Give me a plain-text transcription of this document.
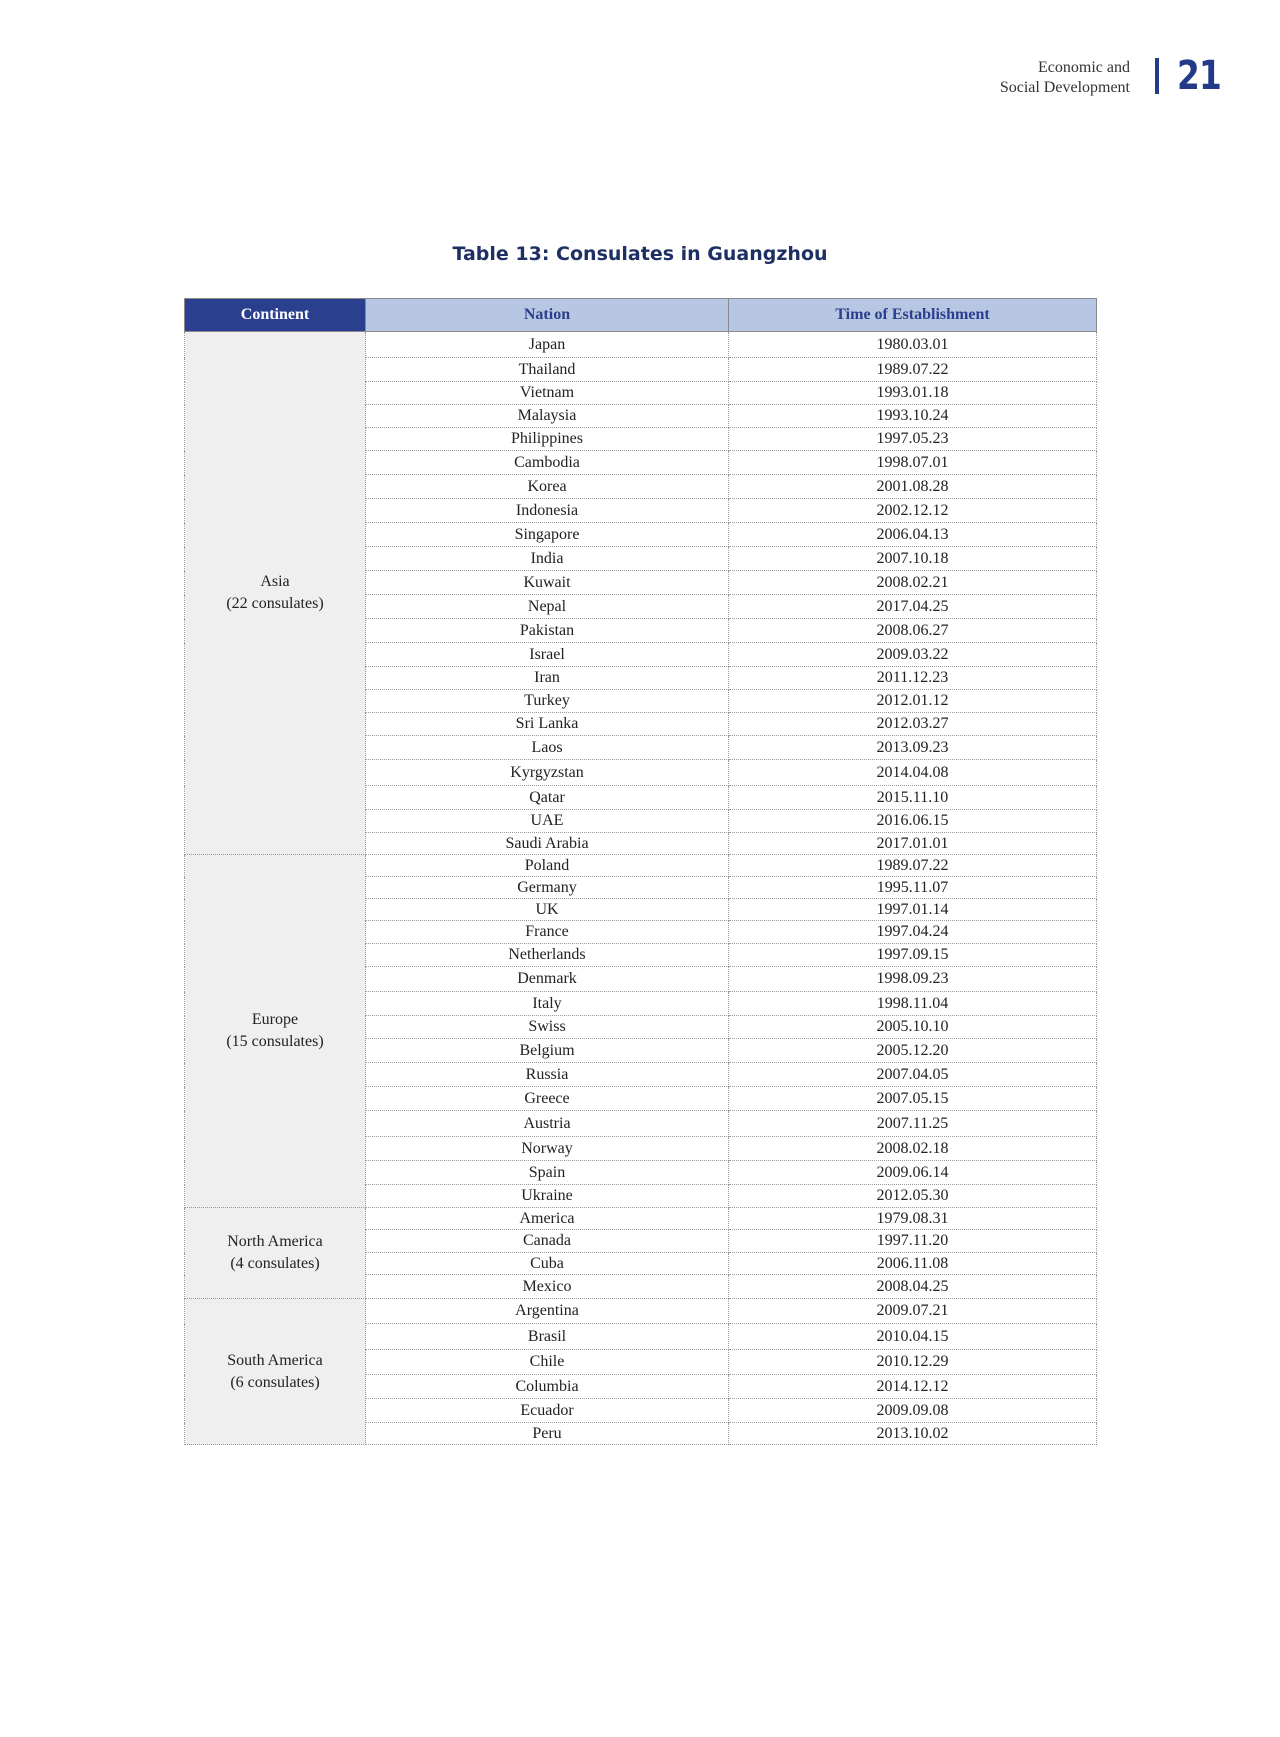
Economic and
Social Development 21
Table 13: Consulates in Guangzhou
Continent	Nation	Time of Establishment

Asia
(22 consulates)	Japan	1980.03.01
	Thailand	1989.07.22
	Vietnam	1993.01.18
	Malaysia	1993.10.24
	Philippines	1997.05.23
	Cambodia	1998.07.01
	Korea	2001.08.28
	Indonesia	2002.12.12
	Singapore	2006.04.13
	India	2007.10.18
	Kuwait	2008.02.21
	Nepal	2017.04.25
	Pakistan	2008.06.27
	Israel	2009.03.22
	Iran	2011.12.23
	Turkey	2012.01.12
	Sri Lanka	2012.03.27
	Laos	2013.09.23
	Kyrgyzstan	2014.04.08
	Qatar	2015.11.10
	UAE	2016.06.15
	Saudi Arabia	2017.01.01

Europe
(15 consulates)	Poland	1989.07.22
	Germany	1995.11.07
	UK	1997.01.14
	France	1997.04.24
	Netherlands	1997.09.15
	Denmark	1998.09.23
	Italy	1998.11.04
	Swiss	2005.10.10
	Belgium	2005.12.20
	Russia	2007.04.05
	Greece	2007.05.15
	Austria	2007.11.25
	Norway	2008.02.18
	Spain	2009.06.14
	Ukraine	2012.05.30

North America
(4 consulates)	America	1979.08.31
	Canada	1997.11.20
	Cuba	2006.11.08
	Mexico	2008.04.25

South America
(6 consulates)	Argentina	2009.07.21
	Brasil	2010.04.15
	Chile	2010.12.29
	Columbia	2014.12.12
	Ecuador	2009.09.08
	Peru	2013.10.02
